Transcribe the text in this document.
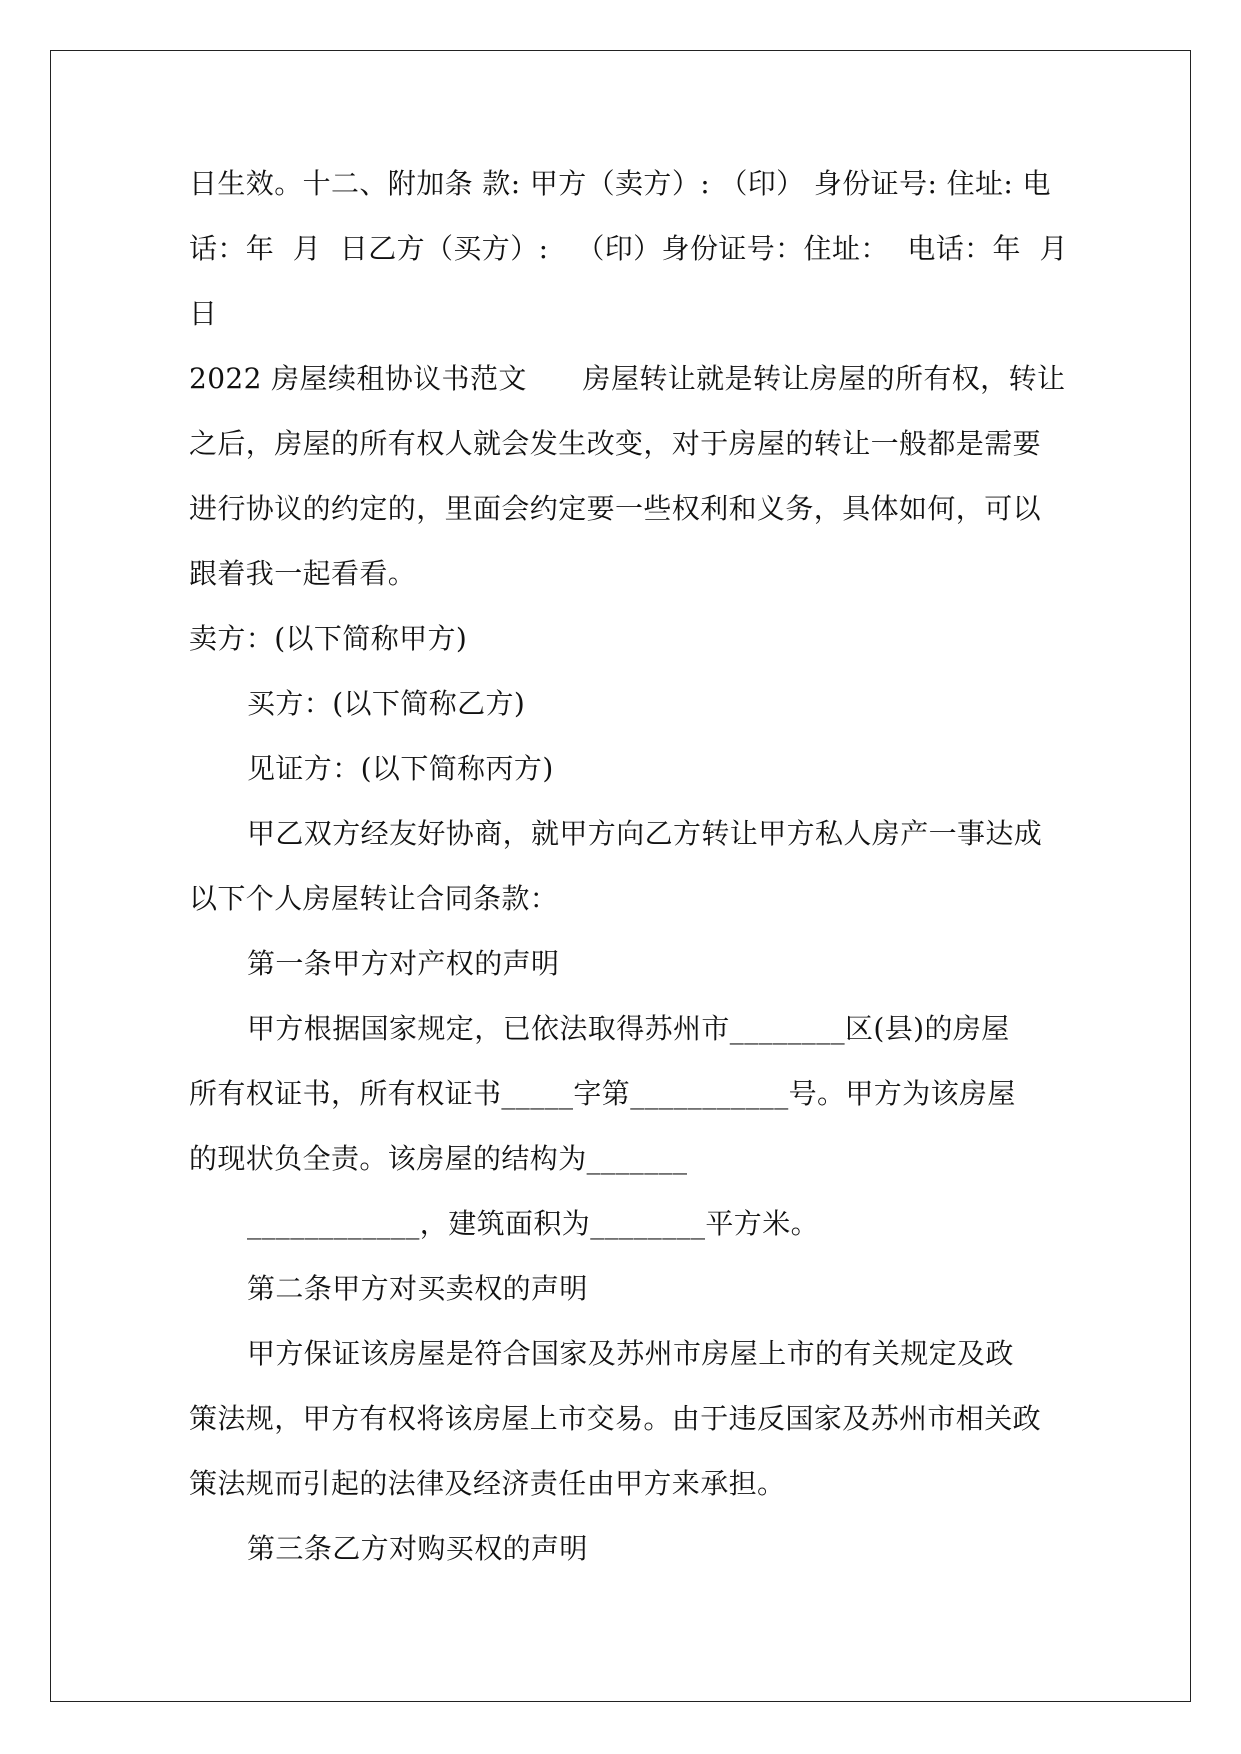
日生效。十二、附加条 款: 甲方（卖方）: （印） 身份证号: 住址: 电
话：年  月  日乙方（买方）:   （印）身份证号：住址：  电话：年  月
日
2022 房屋续租协议书范文      房屋转让就是转让房屋的所有权，转让
之后，房屋的所有权人就会发生改变，对于房屋的转让一般都是需要
进行协议的约定的，里面会约定要一些权利和义务，具体如何，可以
跟着我一起看看。
卖方：(以下简称甲方)
买方：(以下简称乙方)
见证方：(以下简称丙方)
甲乙双方经友好协商，就甲方向乙方转让甲方私人房产一事达成
以下个人房屋转让合同条款：
第一条甲方对产权的声明
甲方根据国家规定，已依法取得苏州市________区(县)的房屋
所有权证书，所有权证书_____字第___________号。甲方为该房屋
的现状负全责。该房屋的结构为_______
____________，建筑面积为________平方米。
第二条甲方对买卖权的声明
甲方保证该房屋是符合国家及苏州市房屋上市的有关规定及政
策法规，甲方有权将该房屋上市交易。由于违反国家及苏州市相关政
策法规而引起的法律及经济责任由甲方来承担。
第三条乙方对购买权的声明
